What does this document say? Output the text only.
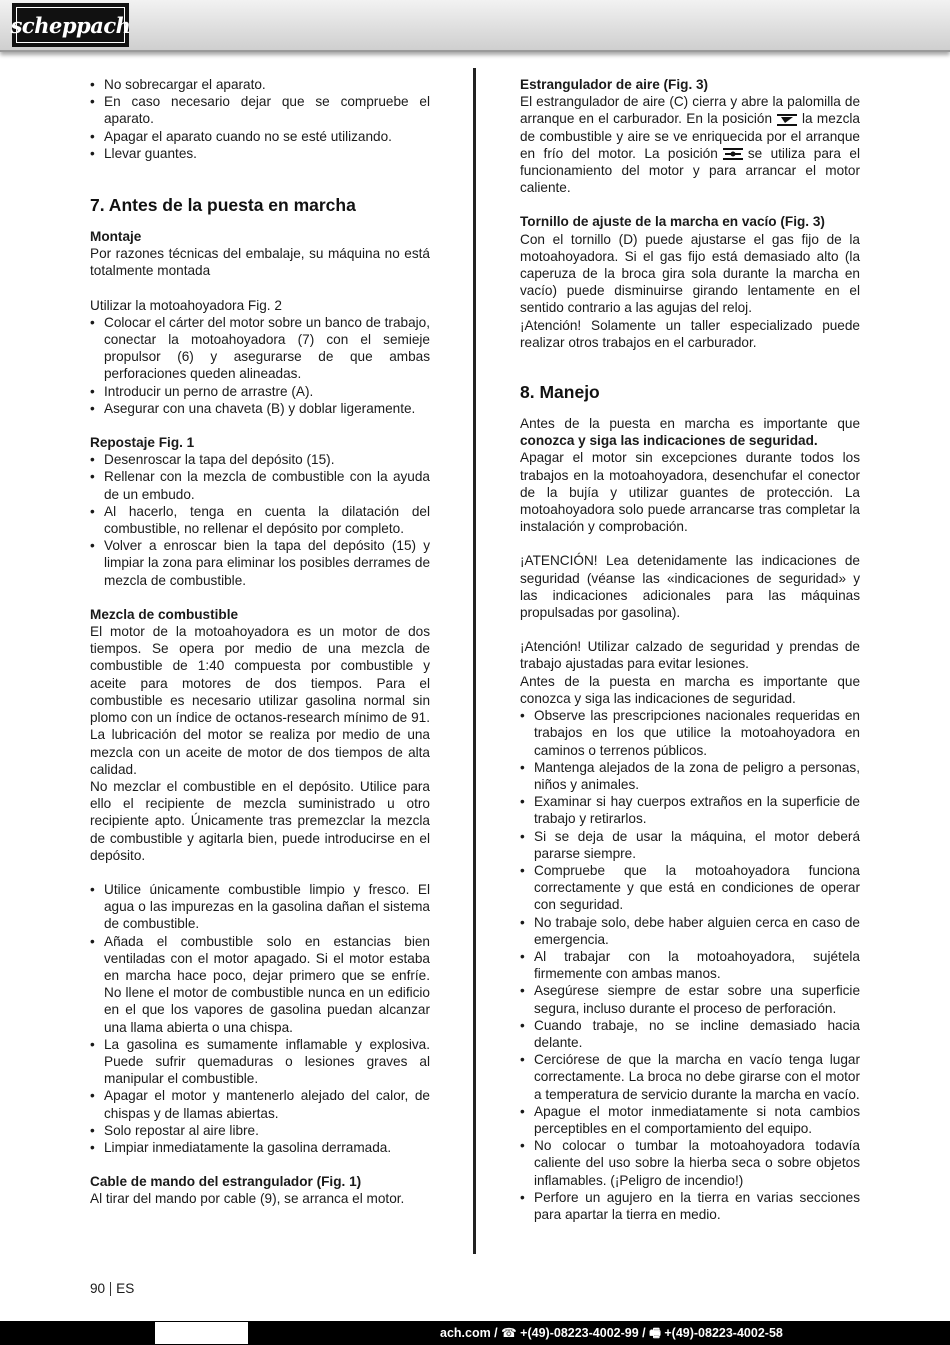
scheppach
• No sobrecargar el aparato.
• En caso necesario dejar que se compruebe el aparato.
• Apagar el aparato cuando no se esté utilizando.
• Llevar guantes.
7. Antes de la puesta en marcha

Montaje

Por razones técnicas del embalaje, su máquina no está totalmente montada

Utilizar la motoahoyadora Fig. 2

• Colocar el cárter del motor sobre un banco de trabajo, conectar la motoahoyadora (7) con el semieje propulsor (6) y asegurarse de que ambas perforaciones queden alineadas.
• Introducir un perno de arrastre (A).
• Asegurar con una chaveta (B) y doblar ligeramente.

Repostaje Fig. 1

• Desenroscar la tapa del depósito (15).
• Rellenar con la mezcla de combustible con la ayuda de un embudo.
• Al hacerlo, tenga en cuenta la dilatación del combustible, no rellenar el depósito por completo.
• Volver a enroscar bien la tapa del depósito (15) y limpiar la zona para eliminar los posibles derrames de mezcla de combustible.

Mezcla de combustible

El motor de la motoahoyadora es un motor de dos tiempos. Se opera por medio de una mezcla de combustible de 1:40 compuesta por combustible y aceite para motores de dos tiempos. Para el combustible es necesario utilizar gasolina normal sin plomo con un índice de octanos-research mínimo de 91. La lubricación del motor se realiza por medio de una mezcla con un aceite de motor de dos tiempos de alta calidad.

No mezclar el combustible en el depósito. Utilice para ello el recipiente de mezcla suministrado u otro recipiente apto. Únicamente tras premezclar la mezcla de combustible y agitarla bien, puede introducirse en el depósito.

• Utilice únicamente combustible limpio y fresco. El agua o las impurezas en la gasolina dañan el sistema de combustible.
• Añada el combustible solo en estancias bien ventiladas con el motor apagado. Si el motor estaba en marcha hace poco, dejar primero que se enfríe. No llene el motor de combustible nunca en un edificio en el que los vapores de gasolina puedan alcanzar una llama abierta o una chispa.
• La gasolina es sumamente inflamable y explosiva. Puede sufrir quemaduras o lesiones graves al manipular el combustible.
• Apagar el motor y mantenerlo alejado del calor, de chispas y de llamas abiertas.
• Solo repostar al aire libre.
• Limpiar inmediatamente la gasolina derramada.

Cable de mando del estrangulador (Fig. 1)

Al tirar del mando por cable (9), se arranca el motor.

Estrangulador de aire (Fig. 3)

El estrangulador de aire (C) cierra y abre la palomilla de arranque en el carburador. En la posición la mezcla de combustible y aire se ve enriquecida por el arranque en frío del motor. La posición se utiliza para el funcionamiento del motor y para arrancar el motor caliente.

Tornillo de ajuste de la marcha en vacío (Fig. 3)

Con el tornillo (D) puede ajustarse el gas fijo de la motoahoyadora. Si el gas fijo está demasiado alto (la caperuza de la broca gira sola durante la marcha en vacío) puede disminuirse girando lentamente en el sentido contrario a las agujas del reloj.

¡Atención! Solamente un taller especializado puede realizar otros trabajos en el carburador.

8. Manejo

Antes de la puesta en marcha es importante que conozca y siga las indicaciones de seguridad.

Apagar el motor sin excepciones durante todos los trabajos en la motoahoyadora, desenchufar el conector de la bujía y utilizar guantes de protección. La motoahoyadora solo puede arrancarse tras completar la instalación y comprobación.

¡ATENCIÓN! Lea detenidamente las indicaciones de seguridad (véanse las «indicaciones de seguridad» y las indicaciones adicionales para las máquinas propulsadas por gasolina).

¡Atención! Utilizar calzado de seguridad y prendas de trabajo ajustadas para evitar lesiones.

Antes de la puesta en marcha es importante que conozca y siga las indicaciones de seguridad.

• Observe las prescripciones nacionales requeridas en trabajos en los que utilice la motoahoyadora en caminos o terrenos públicos.
• Mantenga alejados de la zona de peligro a personas, niños y animales.
• Examinar si hay cuerpos extraños en la superficie de trabajo y retirarlos.
• Si se deja de usar la máquina, el motor deberá pararse siempre.
• Compruebe que la motoahoyadora funciona correctamente y que está en condiciones de operar con seguridad.
• No trabaje solo, debe haber alguien cerca en caso de emergencia.
• Al trabajar con la motoahoyadora, sujétela firmemente con ambas manos.
• Asegúrese siempre de estar sobre una superficie segura, incluso durante el proceso de perforación.
• Cuando trabaje, no se incline demasiado hacia delante.
• Cerciórese de que la marcha en vacío tenga lugar correctamente. La broca no debe girarse con el motor a temperatura de servicio durante la marcha en vacío.
• Apague el motor inmediatamente si nota cambios perceptibles en el comportamiento del equipo.
• No colocar o tumbar la motoahoyadora todavía caliente del uso sobre la hierba seca o sobre objetos inflamables. (¡Peligro de incendio!)
• Perfore un agujero en la tierra en varias secciones para apartar la tierra en medio.
90 ES
ach.com / ☎ +(49)-08223-4002-99 / 🖷 +(49)-08223-4002-58
